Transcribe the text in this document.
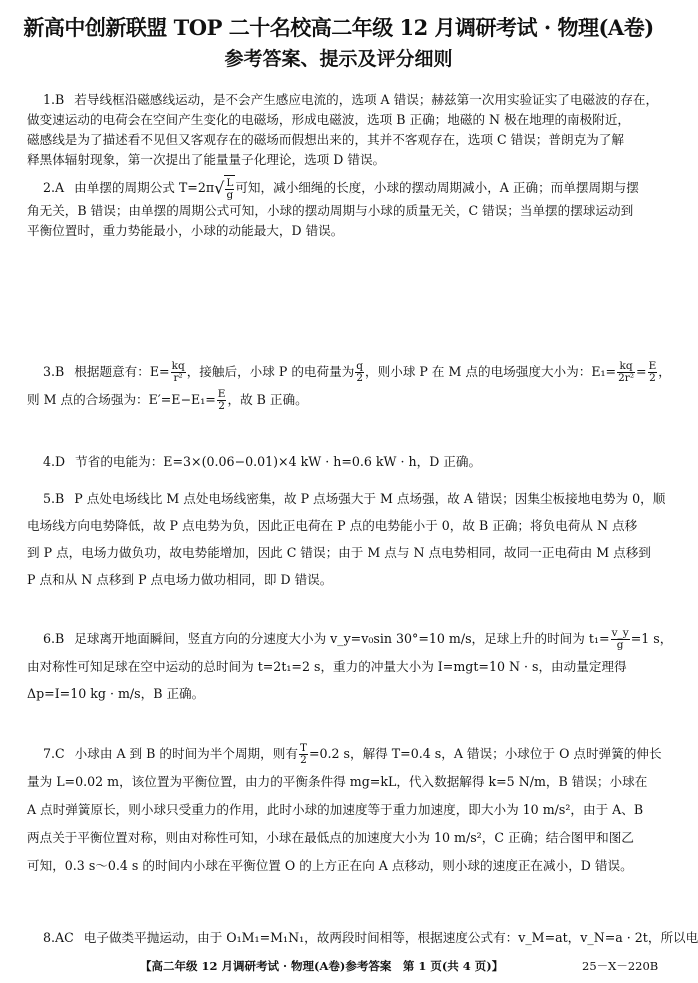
新高中创新联盟 TOP 二十名校高二年级 12 月调研考试 · 物理(A卷)
参考答案、提示及评分细则
1.B 若导线框沿磁感线运动，是不会产生感应电流的，选项 A 错误；赫兹第一次用实验证实了电磁波的存在，
做变速运动的电荷会在空间产生变化的电磁场，形成电磁波，选项 B 正确；地磁的 N 极在地理的南极附近，
磁感线是为了描述看不见但又客观存在的磁场而假想出来的，其并不客观存在，选项 C 错误；普朗克为了解
释黑体辐射现象，第一次提出了能量量子化理论，选项 D 错误。
2.A 由单摆的周期公式 $T=2\pi√ \frac{L}{g}$ 可知，减小细绳的长度，小球的摆动周期减小，A 正确；而单摆周期与摆
角无关，B 错误；由单摆的周期公式可知，小球的摆动周期与小球的质量无关，C 错误；当单摆的摆球运动到
平衡位置时，重力势能最小，小球的动能最大，D 错误。
3.B 根据题意有：$E= \frac{kq}{\text{r²}}$ ，接触后，小球 P 的电荷量为 $\frac{q}{2}$ ，则小球 P 在 M 点的电场强度大小为：$E_1= \frac{kq}{\text{2r²}} = \frac{E}{2}$ ，
则 M 点的合场强为：$E'=E-E_1= \frac{E}{2}$ ，故 B 正确。
4.D 节省的电能为：E=3×(0.06−0.01)×4 kW · h=0.6 kW · h，D 正确。
5.B P 点处电场线比 M 点处电场线密集，故 P 点场强大于 M 点场强，故 A 错误；因集尘板接地电势为 0，顺
电场线方向电势降低，故 P 点电势为负，因此正电荷在 P 点的电势能小于 0，故 B 正确；将负电荷从 N 点移
到 P 点，电场力做负功，故电势能增加，因此 C 错误；由于 M 点与 N 点电势相同，故同一正电荷由 M 点移到
P 点和从 N 点移到 P 点电场力做功相同，即 D 错误。
6.B 足球离开地面瞬间，竖直方向的分速度大小为 v_y=v₀sin 30°=10 m/s，足球上升的时间为 $t_1= \frac{v\_y}{g} =1$ s，
由对称性可知足球在空中运动的总时间为 t=2t₁=2 s，重力的冲量大小为 I=mgt=10 N · s，由动量定理得
Δp=I=10 kg · m/s，B 正确。
7.C 小球由 A 到 B 的时间为半个周期，则有 $\frac{T}{2} =0.2$ s，解得 T=0.4 s，A 错误；小球位于 O 点时弹簧的伸长
量为 L=0.02 m，该位置为平衡位置，由力的平衡条件得 mg=kL，代入数据解得 k=5 N/m，B 错误；小球在
A 点时弹簧原长，则小球只受重力的作用，此时小球的加速度等于重力加速度，即大小为 10 m/s²，由于 A、B
两点关于平衡位置对称，则由对称性可知，小球在最低点的加速度大小为 10 m/s²，C 正确；结合图甲和图乙
可知，0.3 s～0.4 s 的时间内小球在平衡位置 O 的上方正在向 A 点移动，则小球的速度正在减小，D 错误。
8.AC 电子做类平抛运动，由于 O₁M₁=M₁N₁，故两段时间相等，根据速度公式有：v_M=at，v_N=a · 2t，所以电
【高二年级 12 月调研考试 · 物理(A卷)参考答案　第 1 页(共 4 页)】	25－X－220B
